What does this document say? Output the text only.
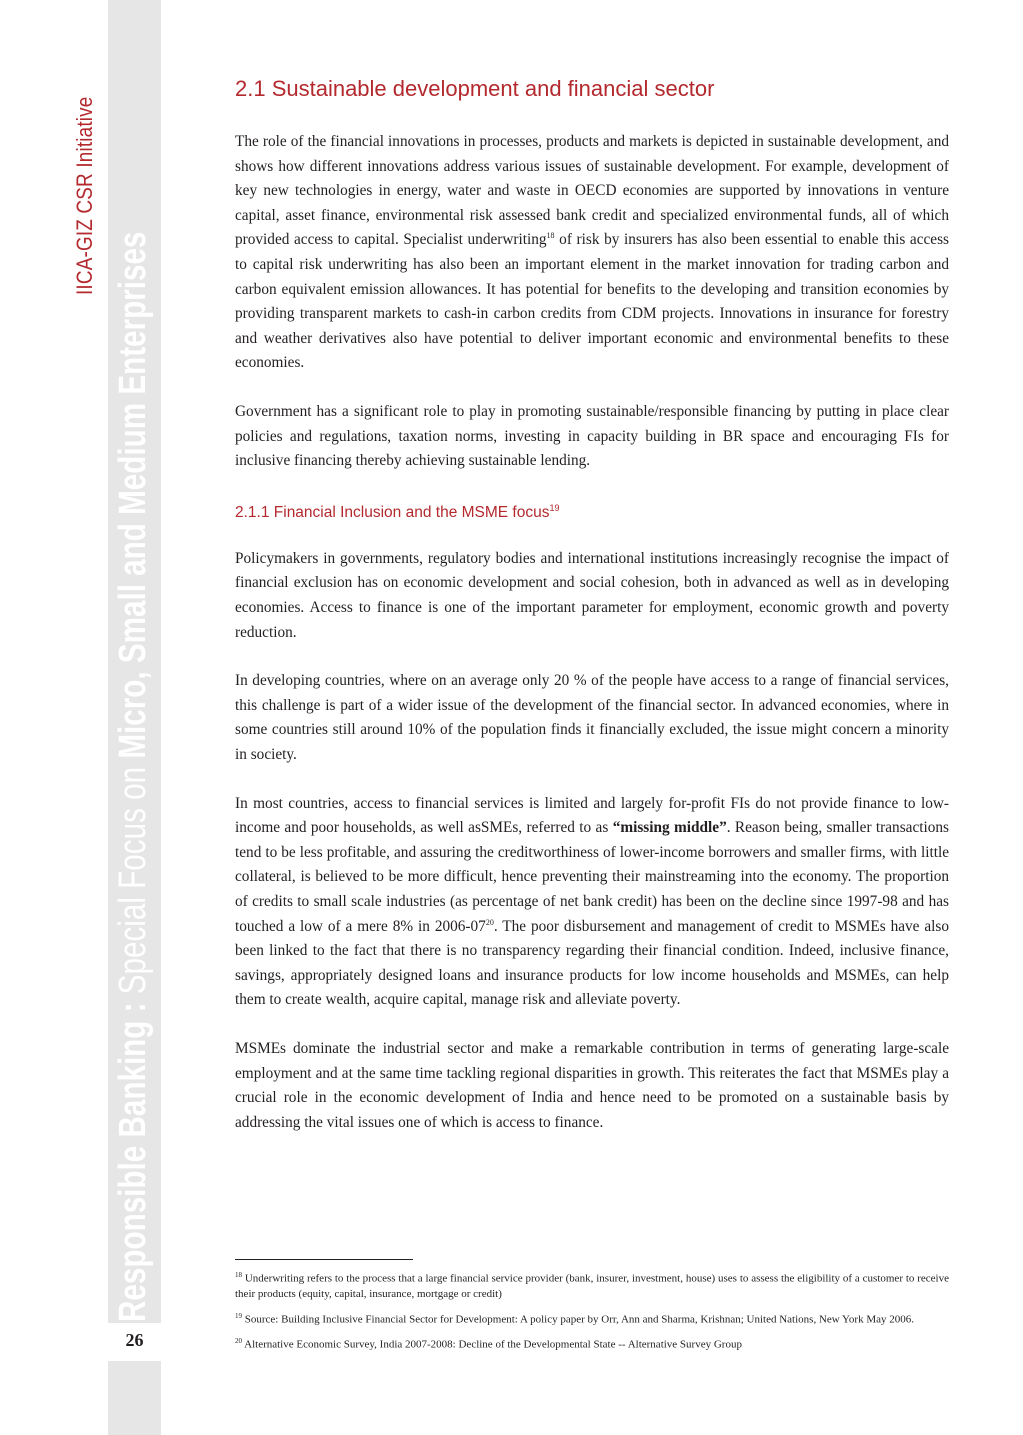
IICA-GIZ CSR Initiative
Responsible Banking : Special Focus on Micro, Small and Medium Enterprises
26
2.1 Sustainable development and financial sector

The role of the financial innovations in processes, products and markets is depicted in sustainable development, and shows how different innovations address various issues of sustainable development. For example, development of key new technologies in energy, water and waste in OECD economies are supported by innovations in venture capital, asset finance, environmental risk assessed bank credit and specialized environmental funds, all of which provided access to capital. Specialist underwriting$^{18}$ of risk by insurers has also been essential to enable this access to capital risk underwriting has also been an important element in the market innovation for trading carbon and carbon equivalent emission allowances. It has potential for benefits to the developing and transition economies by providing transparent markets to cash-in carbon credits from CDM projects. Innovations in insurance for forestry and weather derivatives also have potential to deliver important economic and environmental benefits to these economies.

Government has a significant role to play in promoting sustainable/responsible financing by putting in place clear policies and regulations, taxation norms, investing in capacity building in BR space and encouraging FIs for inclusive financing thereby achieving sustainable lending.

2.1.1 Financial Inclusion and the MSME focus$^{19}$

Policymakers in governments, regulatory bodies and international institutions increasingly recognise the impact of financial exclusion has on economic development and social cohesion, both in advanced as well as in developing economies. Access to finance is one of the important parameter for employment, economic growth and poverty reduction.

In developing countries, where on an average only 20 % of the people have access to a range of financial services, this challenge is part of a wider issue of the development of the financial sector. In advanced economies, where in some countries still around 10% of the population finds it financially excluded, the issue might concern a minority in society.

In most countries, access to financial services is limited and largely for-profit FIs do not provide finance to low-income and poor households, as well asSMEs, referred to as “missing middle”. Reason being, smaller transactions tend to be less profitable, and assuring the creditworthiness of lower-income borrowers and smaller firms, with little collateral, is believed to be more difficult, hence preventing their mainstreaming into the economy. The proportion of credits to small scale industries (as percentage of net bank credit) has been on the decline since 1997-98 and has touched a low of a mere 8% in $2006-07^{20}$. The poor disbursement and management of credit to MSMEs have also been linked to the fact that there is no transparency regarding their financial condition. Indeed, inclusive finance, savings, appropriately designed loans and insurance products for low income households and MSMEs, can help them to create wealth, acquire capital, manage risk and alleviate poverty.

MSMEs dominate the industrial sector and make a remarkable contribution in terms of generating large-scale employment and at the same time tackling regional disparities in growth. This reiterates the fact that MSMEs play a crucial role in the economic development of India and hence need to be promoted on a sustainable basis by addressing the vital issues one of which is access to finance.

$^{18}$ Underwriting refers to the process that a large financial service provider (bank, insurer, investment, house) uses to assess the eligibility of a customer to receive their products (equity, capital, insurance, mortgage or credit)

$^{19}$ Source: Building Inclusive Financial Sector for Development: A policy paper by Orr, Ann and Sharma, Krishnan; United Nations, New York May 2006.

$^{20}$ Alternative Economic Survey, India 2007-2008: Decline of the Developmental State -- Alternative Survey Group
